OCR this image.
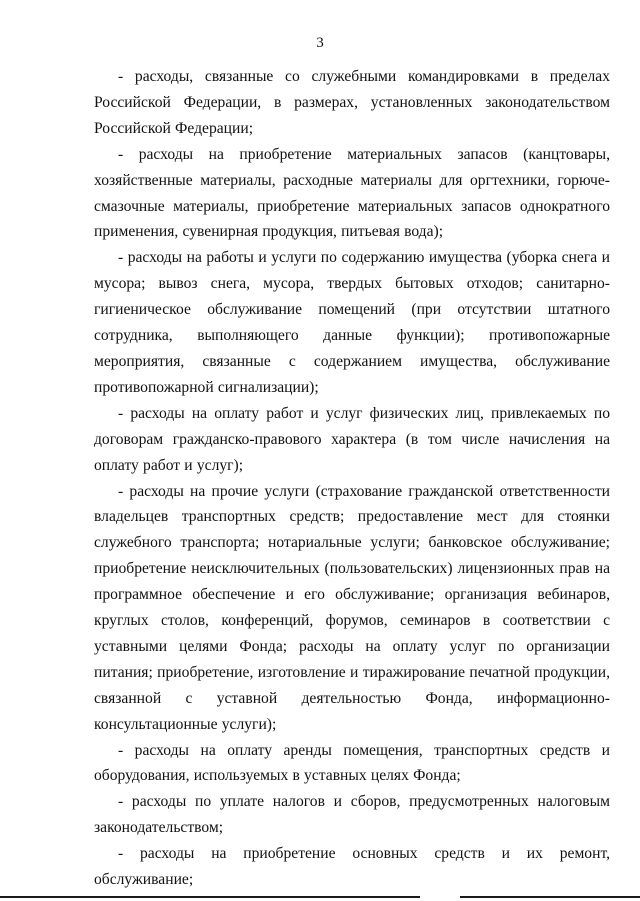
3

- расходы, связанные со служебными командировками в пределах Российской Федерации, в размерах, установленных законодательством Российской Федерации;

- расходы на приобретение материальных запасов (канцтовары, хозяйственные материалы, расходные материалы для оргтехники, горюче-смазочные материалы, приобретение материальных запасов однократного применения, сувенирная продукция, питьевая вода);

- расходы на работы и услуги по содержанию имущества (уборка снега и мусора; вывоз снега, мусора, твердых бытовых отходов; санитарно-гигиеническое обслуживание помещений (при отсутствии штатного сотрудника, выполняющего данные функции); противопожарные мероприятия, связанные с содержанием имущества, обслуживание противопожарной сигнализации);

- расходы на оплату работ и услуг физических лиц, привлекаемых по договорам гражданско-правового характера (в том числе начисления на оплату работ и услуг);

- расходы на прочие услуги (страхование гражданской ответственности владельцев транспортных средств; предоставление мест для стоянки служебного транспорта; нотариальные услуги; банковское обслуживание; приобретение неисключительных (пользовательских) лицензионных прав на программное обеспечение и его обслуживание; организация вебинаров, круглых столов, конференций, форумов, семинаров в соответствии с уставными целями Фонда; расходы на оплату услуг по организации питания; приобретение, изготовление и тиражирование печатной продукции, связанной с уставной деятельностью Фонда, информационно-консультационные услуги);

- расходы на оплату аренды помещения, транспортных средств и оборудования, используемых в уставных целях Фонда;

- расходы по уплате налогов и сборов, предусмотренных налоговым законодательством;

- расходы на приобретение основных средств и их ремонт, обслуживание;
